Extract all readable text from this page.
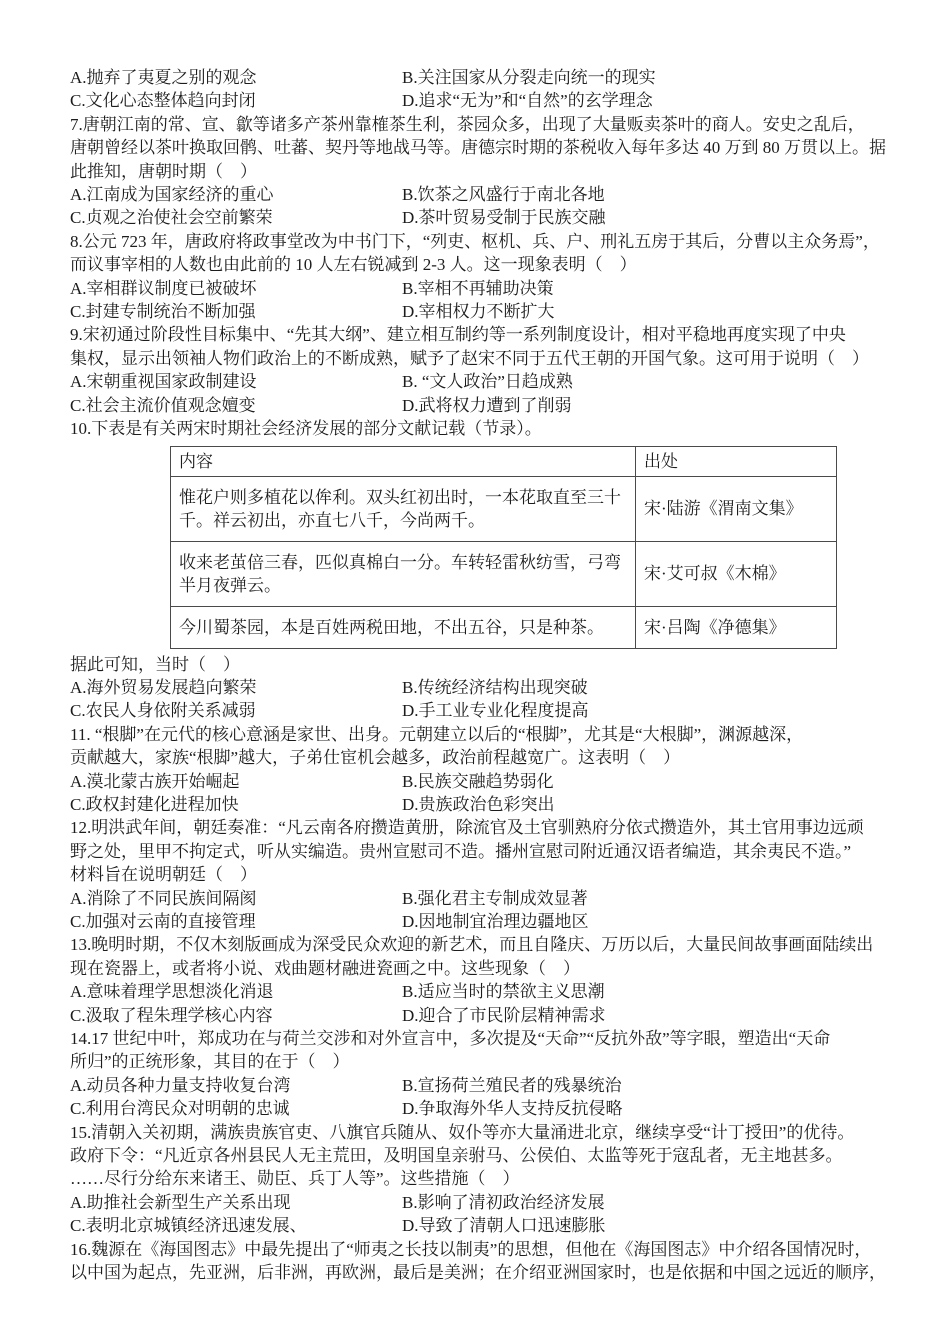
A.抛弃了夷夏之别的观念	B.关注国家从分裂走向统一的现实
C.文化心态整体趋向封闭	D.追求“无为”和“自然”的玄学理念
7.唐朝江南的常、宣、歙等诸多产茶州靠榷茶生利，茶园众多，出现了大量贩卖茶叶的商人。安史之乱后，
唐朝曾经以茶叶换取回鹘、吐蕃、契丹等地战马等。唐德宗时期的茶税收入每年多达 40 万到 80 万贯以上。据
此推知，唐朝时期（　）
A.江南成为国家经济的重心	B.饮茶之风盛行于南北各地
C.贞观之治使社会空前繁荣	D.茶叶贸易受制于民族交融
8.公元 723 年，唐政府将政事堂改为中书门下，“列吏、枢机、兵、户、刑礼五房于其后，分曹以主众务焉”，
而议事宰相的人数也由此前的 10 人左右锐减到 2-3 人。这一现象表明（　）
A.宰相群议制度已被破坏	B.宰相不再辅助决策
C.封建专制统治不断加强	D.宰相权力不断扩大
9.宋初通过阶段性目标集中、“先其大纲”、建立相互制约等一系列制度设计，相对平稳地再度实现了中央
集权，显示出领袖人物们政治上的不断成熟，赋予了赵宋不同于五代王朝的开国气象。这可用于说明（　）
A.宋朝重视国家政制建设	B. “文人政治”日趋成熟
C.社会主流价值观念嬗变	D.武将权力遭到了削弱
10.下表是有关两宋时期社会经济发展的部分文献记载（节录）。
内容	出处
惟花户则多植花以侔利。双头红初出时，一本花取直至三十千。祥云初出，亦直七八千，今尚两千。	宋·陆游《渭南文集》
收来老茧倍三春，匹似真棉白一分。车转轻雷秋纺雪，弓弯半月夜弹云。	宋·艾可叔《木棉》
今川蜀茶园，本是百姓两税田地，不出五谷，只是种茶。	宋·吕陶《净德集》
据此可知，当时（　）
A.海外贸易发展趋向繁荣	B.传统经济结构出现突破
C.农民人身依附关系减弱	D.手工业专业化程度提高
11. “根脚”在元代的核心意涵是家世、出身。元朝建立以后的“根脚”，尤其是“大根脚”，渊源越深，
贡献越大，家族“根脚”越大，子弟仕宦机会越多，政治前程越宽广。这表明（　）
A.漠北蒙古族开始崛起	B.民族交融趋势弱化
C.政权封建化进程加快	D.贵族政治色彩突出
12.明洪武年间，朝廷奏准：“凡云南各府攒造黄册，除流官及土官驯熟府分依式攒造外，其土官用事边远顽
野之处，里甲不拘定式，听从实编造。贵州宣慰司不造。播州宣慰司附近通汉语者编造，其余夷民不造。”
材料旨在说明朝廷（　）
A.消除了不同民族间隔阂	B.强化君主专制成效显著
C.加强对云南的直接管理	D.因地制宜治理边疆地区
13.晚明时期，不仅木刻版画成为深受民众欢迎的新艺术，而且自隆庆、万历以后，大量民间故事画面陆续出
现在瓷器上，或者将小说、戏曲题材融进瓷画之中。这些现象（　）
A.意味着理学思想淡化消退	B.适应当时的禁欲主义思潮
C.汲取了程朱理学核心内容	D.迎合了市民阶层精神需求
14.17 世纪中叶，郑成功在与荷兰交涉和对外宣言中，多次提及“天命”“反抗外敌”等字眼，塑造出“天命
所归”的正统形象，其目的在于（　）
A.动员各种力量支持收复台湾	B.宣扬荷兰殖民者的残暴统治
C.利用台湾民众对明朝的忠诚	D.争取海外华人支持反抗侵略
15.清朝入关初期，满族贵族官吏、八旗官兵随从、奴仆等亦大量涌进北京，继续享受“计丁授田”的优待。
政府下令：“凡近京各州县民人无主荒田，及明国皇亲驸马、公侯伯、太监等死于寇乱者，无主地甚多。
……尽行分给东来诸王、勋臣、兵丁人等”。这些措施（　）
A.助推社会新型生产关系出现	B.影响了清初政治经济发展
C.表明北京城镇经济迅速发展、	D.导致了清朝人口迅速膨胀
16.魏源在《海国图志》中最先提出了“师夷之长技以制夷”的思想，但他在《海国图志》中介绍各国情况时，
以中国为起点，先亚洲，后非洲，再欧洲，最后是美洲；在介绍亚洲国家时，也是依据和中国之远近的顺序，
